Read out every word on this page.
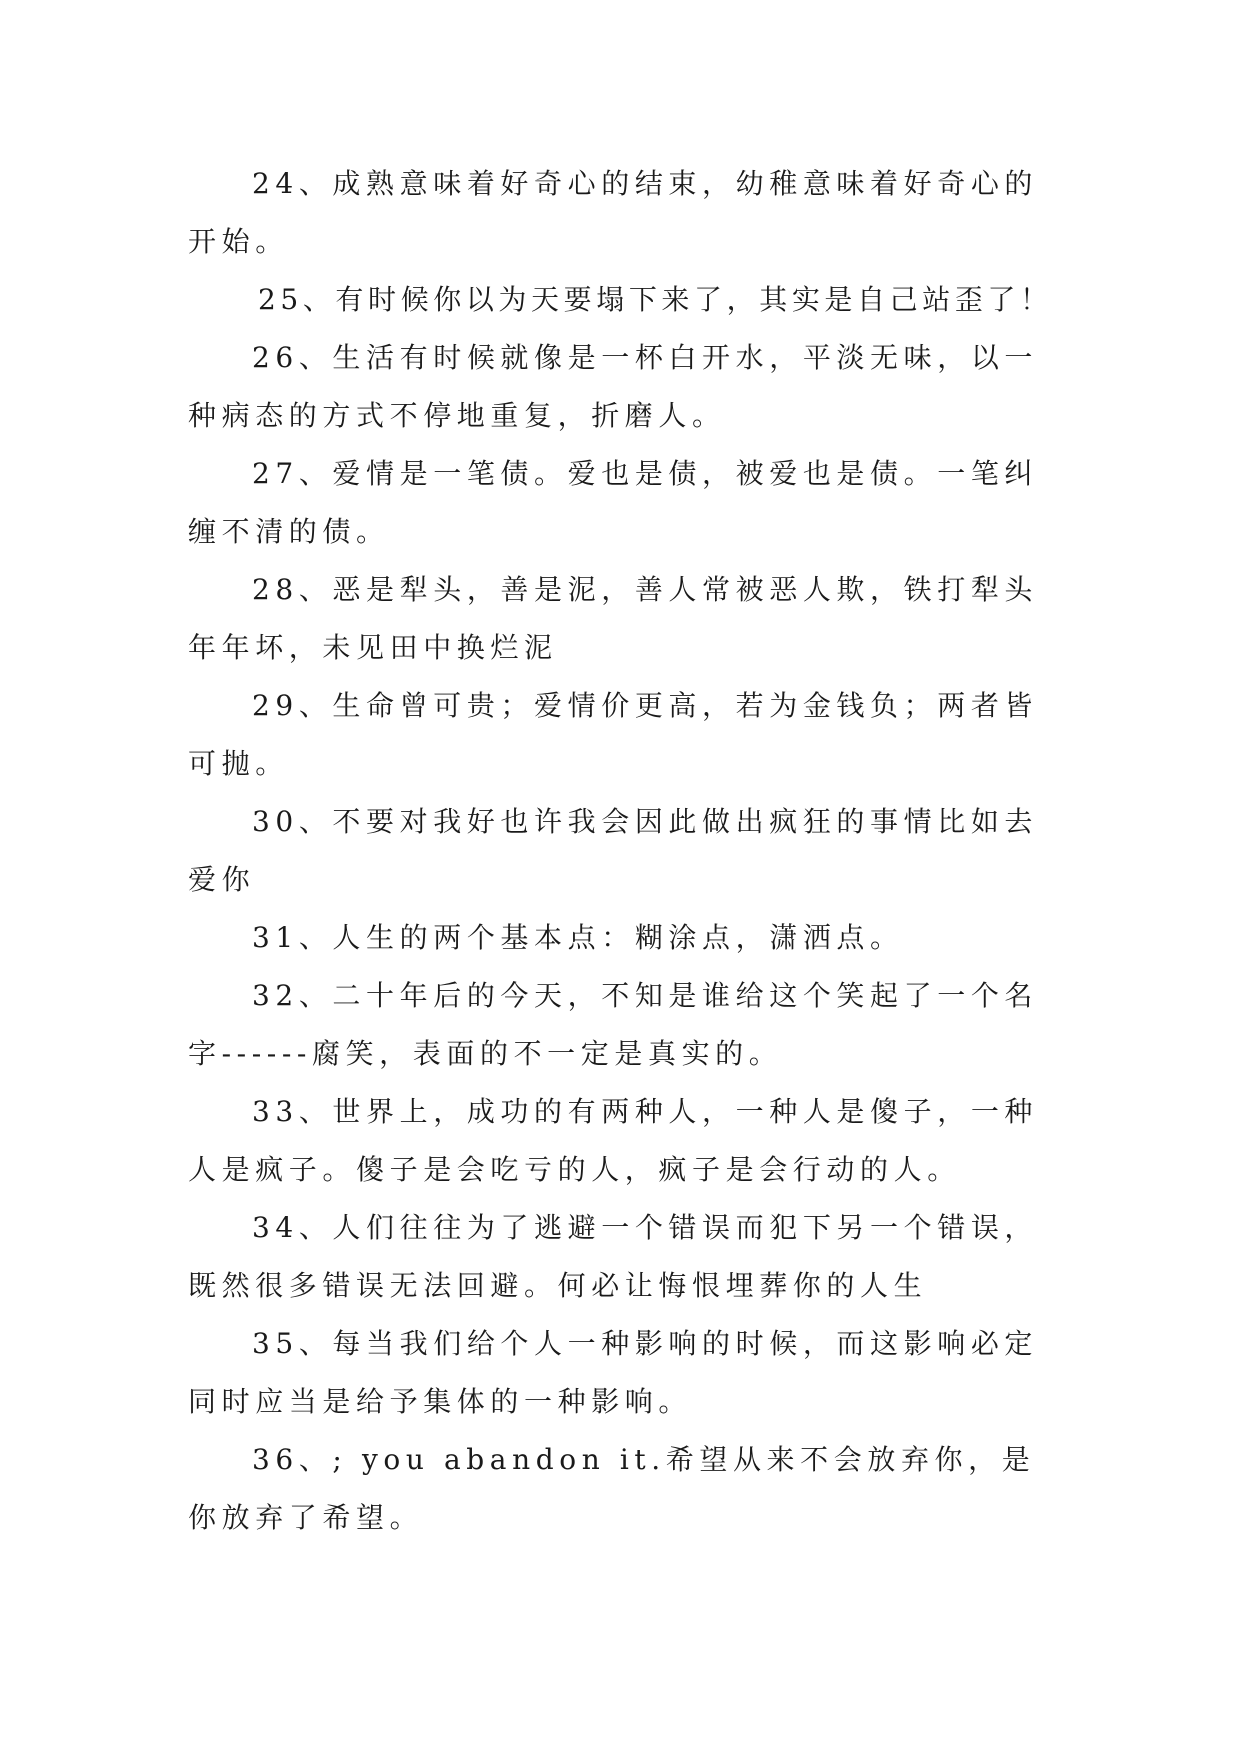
24、成熟意味着好奇心的结束，幼稚意味着好奇心的开始。

25、有时候你以为天要塌下来了，其实是自己站歪了！

26、生活有时候就像是一杯白开水，平淡无味，以一种病态的方式不停地重复，折磨人。

27、爱情是一笔债。爱也是债，被爱也是债。一笔纠缠不清的债。

28、恶是犁头，善是泥，善人常被恶人欺，铁打犁头年年坏，未见田中换烂泥

29、生命曾可贵；爱情价更高，若为金钱负；两者皆可抛。

30、不要对我好也许我会因此做出疯狂的事情比如去爱你

31、人生的两个基本点：糊涂点，潇洒点。

32、二十年后的今天，不知是谁给这个笑起了一个名字------腐笑，表面的不一定是真实的。

33、世界上，成功的有两种人，一种人是傻子，一种人是疯子。傻子是会吃亏的人，疯子是会行动的人。

34、人们往往为了逃避一个错误而犯下另一个错误，既然很多错误无法回避。何必让悔恨埋葬你的人生

35、每当我们给个人一种影响的时候，而这影响必定同时应当是给予集体的一种影响。

36、; you abandon it.希望从来不会放弃你，是你放弃了希望。
